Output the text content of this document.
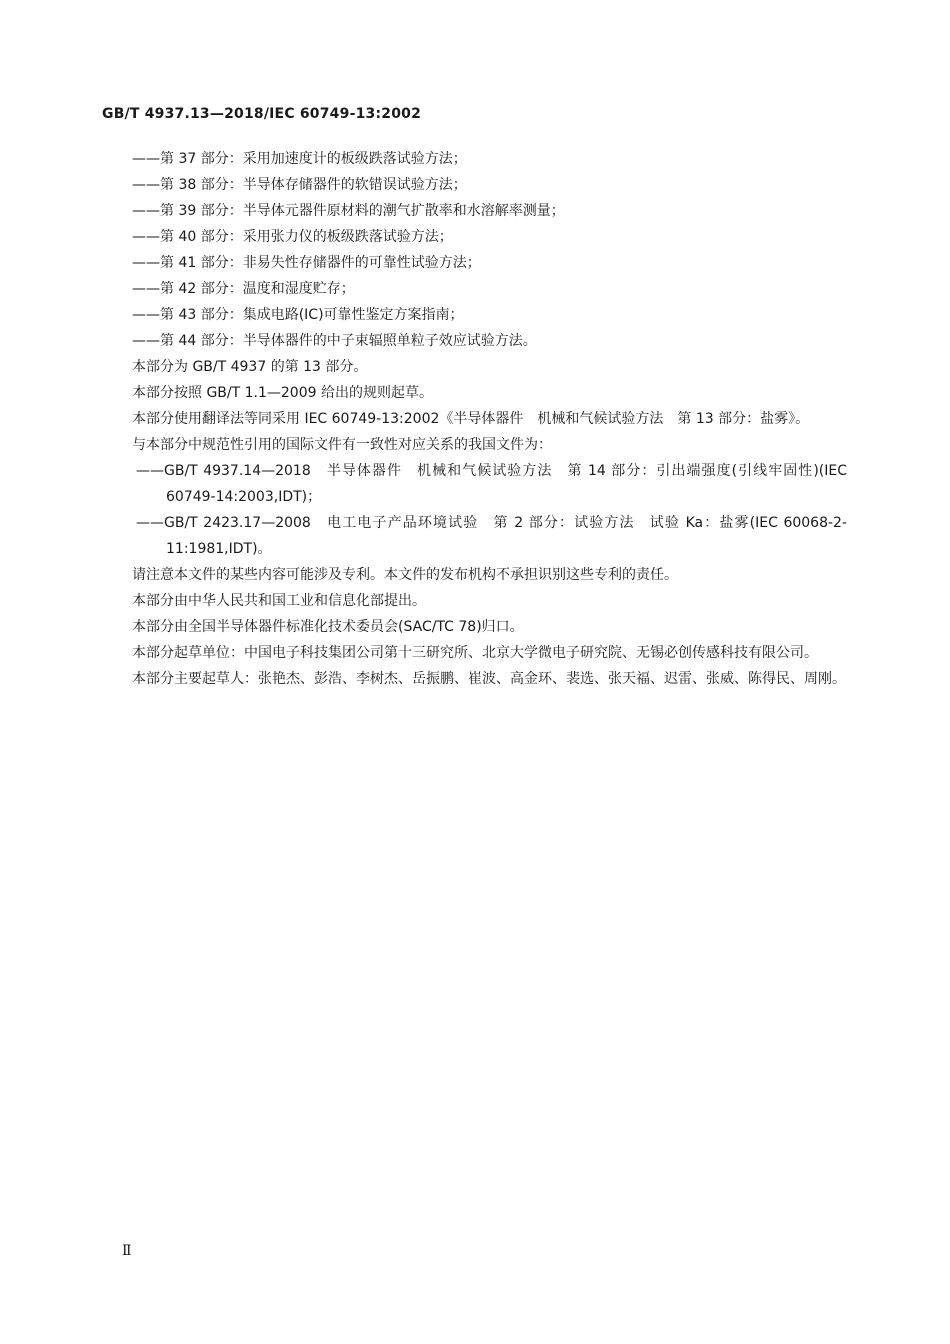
GB/T 4937.13—2018/IEC 60749-13:2002
——第 37 部分：采用加速度计的板级跌落试验方法；
——第 38 部分：半导体存储器件的软错误试验方法；
——第 39 部分：半导体元器件原材料的潮气扩散率和水溶解率测量；
——第 40 部分：采用张力仪的板级跌落试验方法；
——第 41 部分：非易失性存储器件的可靠性试验方法；
——第 42 部分：温度和湿度贮存；
——第 43 部分：集成电路(IC)可靠性鉴定方案指南；
——第 44 部分：半导体器件的中子束辐照单粒子效应试验方法。
本部分为 GB/T 4937 的第 13 部分。
本部分按照 GB/T 1.1—2009 给出的规则起草。
本部分使用翻译法等同采用 IEC 60749-13:2002《半导体器件　机械和气候试验方法　第 13 部分：盐雾》。
与本部分中规范性引用的国际文件有一致性对应关系的我国文件为：
——GB/T 4937.14—2018　半导体器件　机械和气候试验方法　第 14 部分：引出端强度(引线牢固性)(IEC 60749-14:2003,IDT)；
——GB/T 2423.17—2008　电工电子产品环境试验　第 2 部分：试验方法　试验 Ka：盐雾(IEC 60068-2-11:1981,IDT)。
请注意本文件的某些内容可能涉及专利。本文件的发布机构不承担识别这些专利的责任。
本部分由中华人民共和国工业和信息化部提出。
本部分由全国半导体器件标准化技术委员会(SAC/TC 78)归口。
本部分起草单位：中国电子科技集团公司第十三研究所、北京大学微电子研究院、无锡必创传感科技有限公司。
本部分主要起草人：张艳杰、彭浩、李树杰、岳振鹏、崔波、高金环、裴选、张天福、迟雷、张威、陈得民、周刚。
Ⅱ
